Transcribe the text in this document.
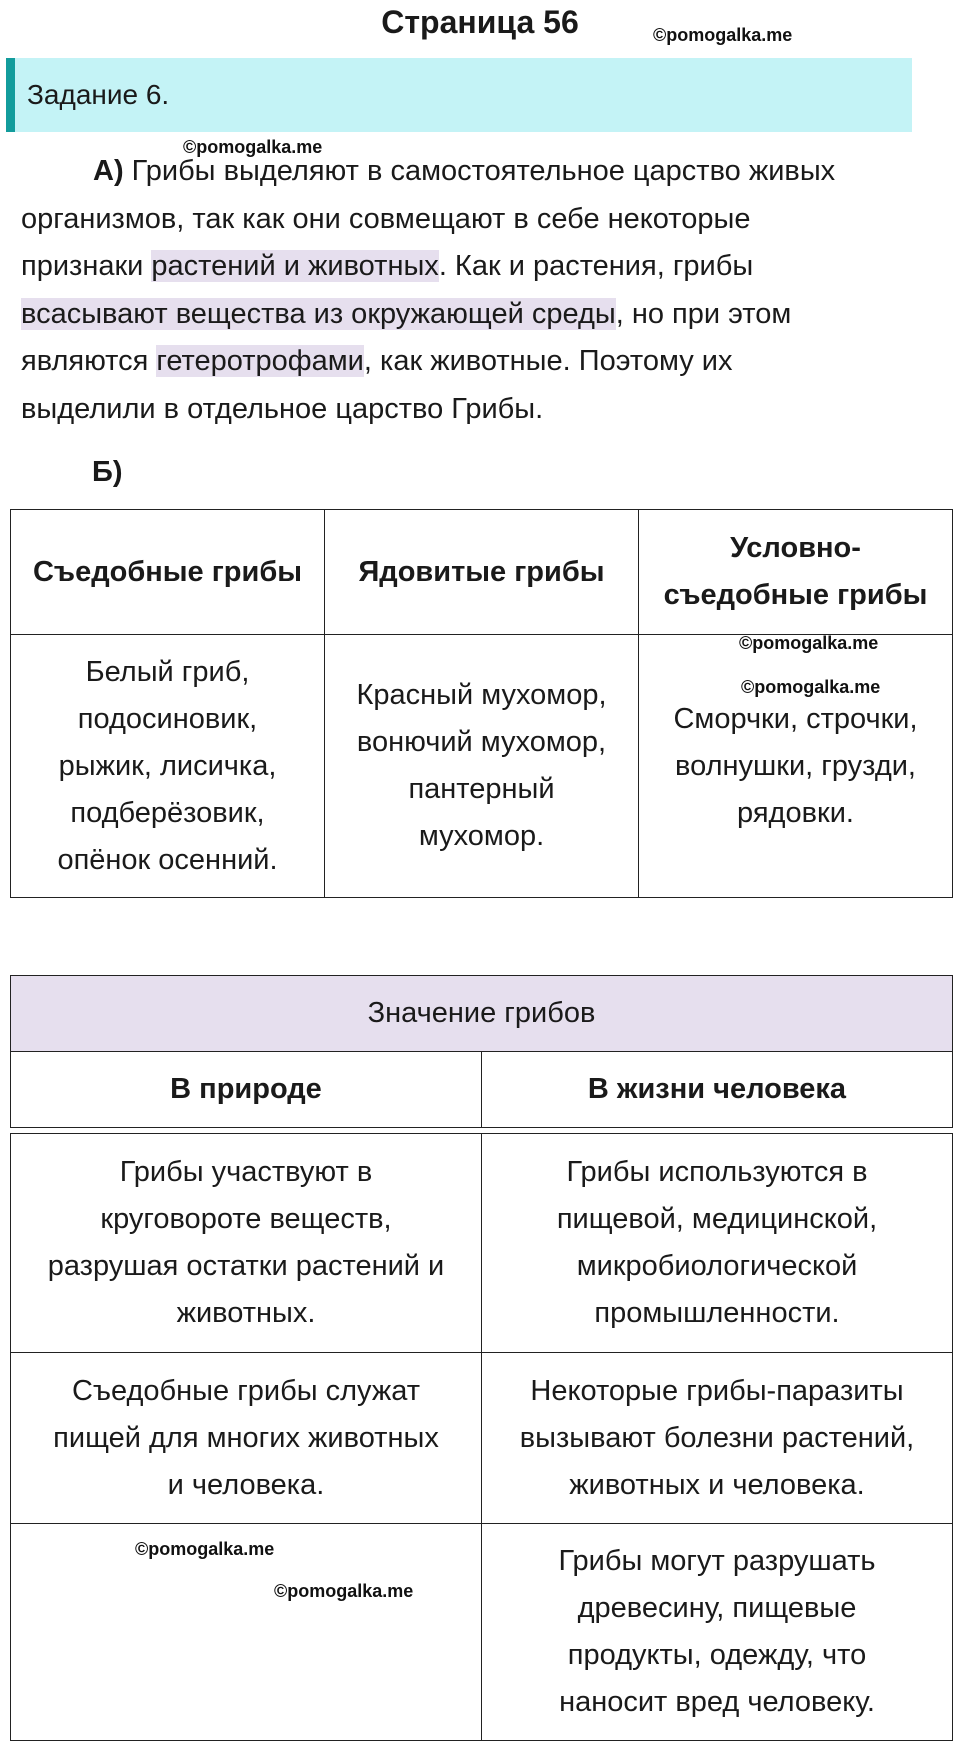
Страница 56	©pomogalka.me
Задание 6.
©pomogalka.me
А) Грибы выделяют в самостоятельное царство живых
организмов, так как они совмещают в себе некоторые
признаки растений и животных. Как и растения, грибы
всасывают вещества из окружающей среды, но при этом
являются гетеротрофами, как животные. Поэтому их
выделили в отдельное царство Грибы.
Б)
Съедобные грибы	Ядовитые грибы	Условно-
съедобные грибы
Белый гриб,
подосиновик,
рыжик, лисичка,
подберёзовик,
опёнок осенний.	Красный мухомор,
вонючий мухомор,
пантерный
мухомор.	Сморчки, строчки,
волнушки, грузди,
рядовки.
©pomogalka.me
©pomogalka.me
Значение грибов
В природе	В жизни человека
Грибы участвуют в
круговороте веществ,
разрушая остатки растений и
животных.	Грибы используются в
пищевой, медицинской,
микробиологической
промышленности.
Съедобные грибы служат
пищей для многих животных
и человека.	Некоторые грибы-паразиты
вызывают болезни растений,
животных и человека.
	Грибы могут разрушать
древесину, пищевые
продукты, одежду, что
наносит вред человеку.
©pomogalka.me
©pomogalka.me
